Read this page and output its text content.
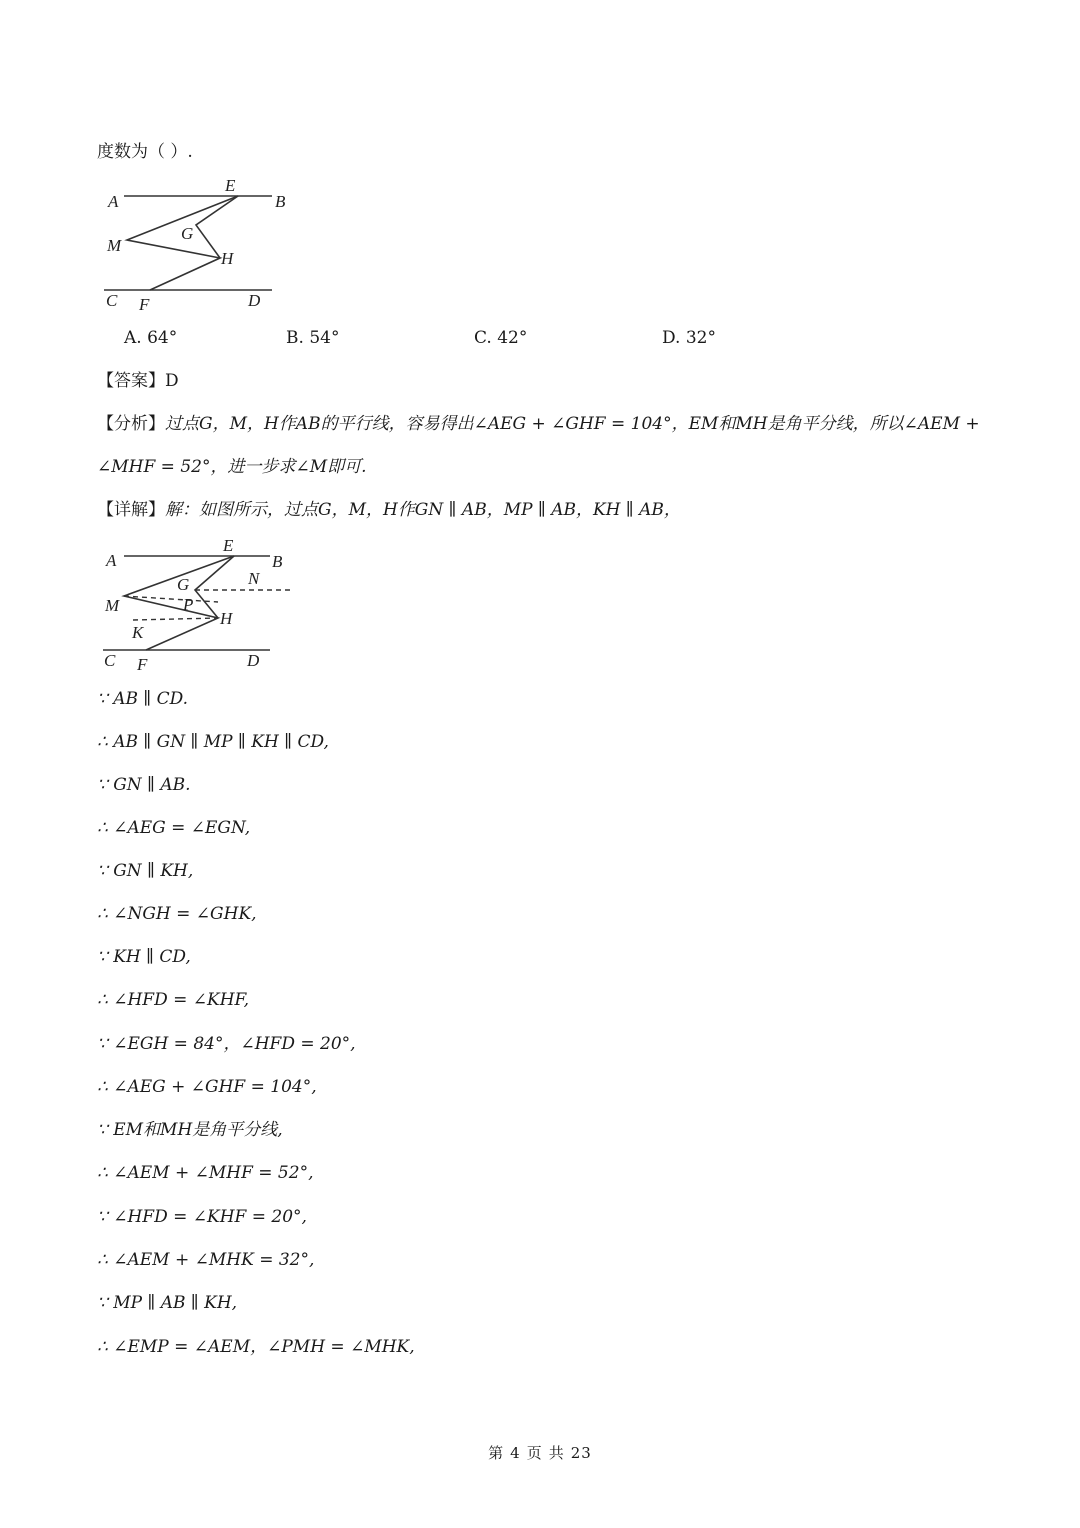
度数为（ ）.
A
E
B
G
M
H
C F	D
A. 64°	B. 54°	C. 42°	D. 32°
【答案】D
【分析】过点G，M，H作AB的平行线，容易得出∠AEG + ∠GHF = 104°，EM和MH是角平分线，所以∠AEM +
∠MHF = 52°，进一步求∠M即可.
【详解】解：如图所示，过点G，M，H作GN ∥ AB，MP ∥ AB，KH ∥ AB，
A
E
B
G	N
M	P
H
K
C F	D
∵ AB ∥ CD.
∴ AB ∥ GN ∥ MP ∥ KH ∥ CD,
∵ GN ∥ AB.
∴ ∠AEG = ∠EGN,
∵ GN ∥ KH,
∴ ∠NGH = ∠GHK,
∵ KH ∥ CD,
∴ ∠HFD = ∠KHF,
∵ ∠EGH = 84°，∠HFD = 20°,
∴ ∠AEG + ∠GHF = 104°,
∵ EM和MH是角平分线,
∴ ∠AEM + ∠MHF = 52°,
∵ ∠HFD = ∠KHF = 20°,
∴ ∠AEM + ∠MHK = 32°,
∵ MP ∥ AB ∥ KH,
∴ ∠EMP = ∠AEM，∠PMH = ∠MHK,
第 4 页 共 23
